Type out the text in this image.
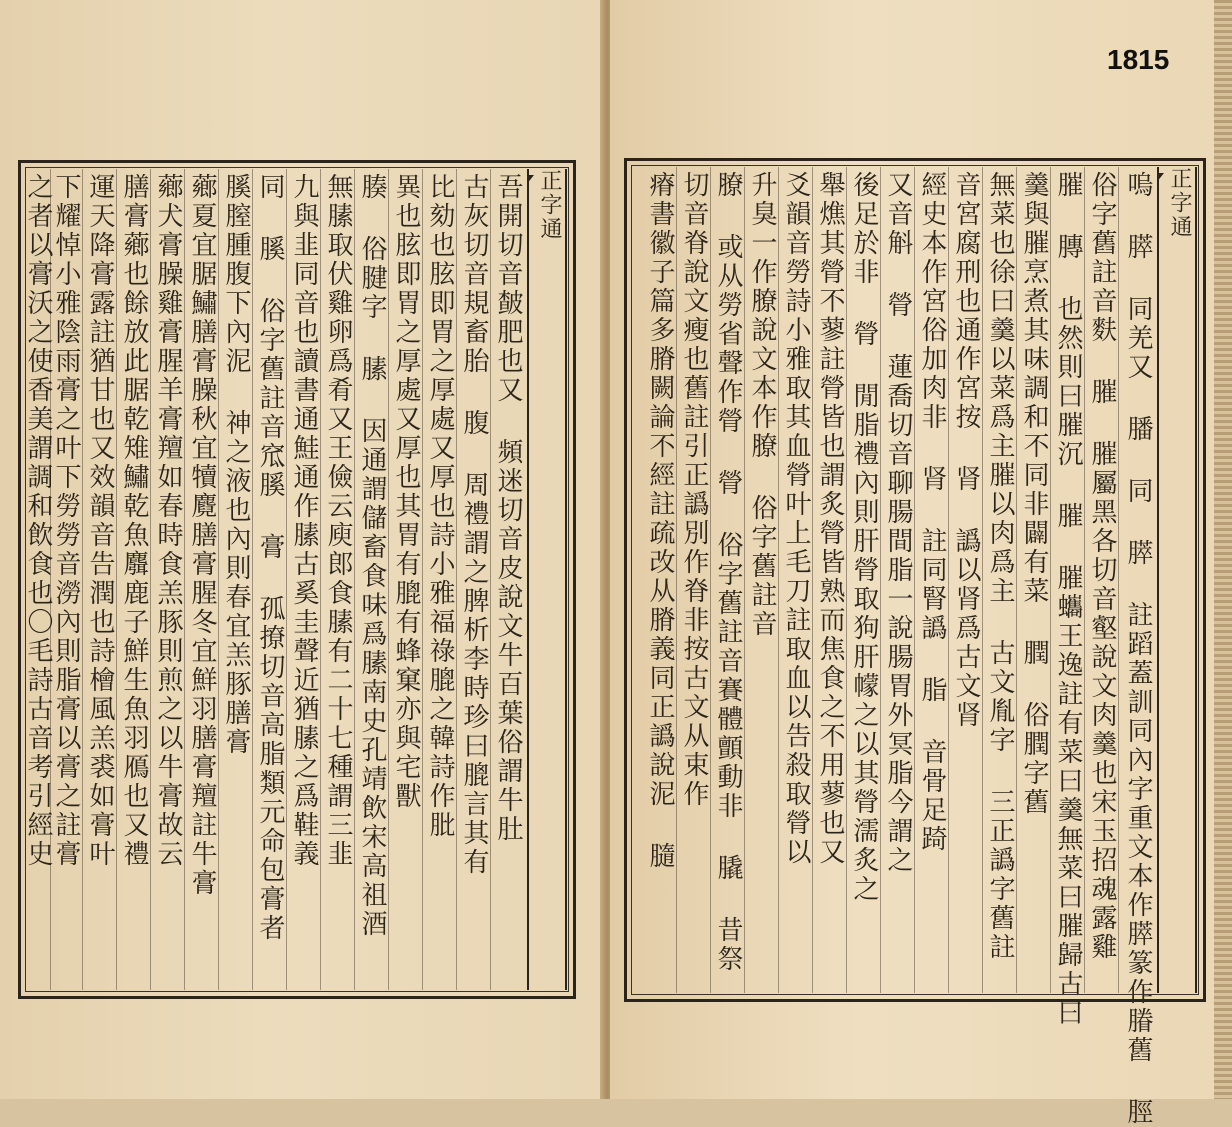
正字通
吾開切音皶肥也又 頻迷切音皮說文牛百葉俗謂牛肚
古灰切音規畜胎 腹 周禮謂之脾析李時珍曰膍言其有
比劾也胘即胃之厚處又厚也詩小雅福祿膍之韓詩作肶
異也胘即胃之厚處又厚也其胃有膍有蜂窠亦與宅獸
腠 俗腱字 膆 因通謂儲畜食味爲膆南史孔靖飲宋高祖酒
無膆取伏雞卵爲肴又王儉云庾郎食膆有二十七種謂三韭
九與韭同音也讀書通鮭通作膆古奚圭聲近猶膆之爲鞋義
同 膎 俗字舊註音窊膎 膏 孤撩切音高脂類元命包膏者
膎膣腫腹下內泥 神之液也內則春宜羔豚膳膏
薌夏宜腒鱐膳膏臊秋宜犢麑膳膏腥冬宜鮮羽膳膏羶註牛膏
薌犬膏臊雞膏腥羊膏羶如春時食羔豚則煎之以牛膏故云
膳膏薌也餘放此腒乾雉鱐乾魚麛鹿子鮮生魚羽鴈也又禮
運天降膏露註猶甘也又效韻音告潤也詩檜風羔裘如膏叶
下耀悼小雅陰雨膏之叶下勞勞音澇內則脂膏以膏之註膏
之者以膏沃之使香美謂調和飲食也〇毛詩古音考引經史	正字通
嗚 膵 同羌又 膰 同 膵 註蹈蓋訓同內字重文本作膵篆作膡舊 脛
俗字舊註音麩 膗 膗屬黑各切音壑說文肉羹也宋玉招魂露雞
膗 膞 也然則曰膗沉 膗 膗蠵王逸註有菜曰羹無菜曰膗歸古曰
羹與膗烹煮其味調和不同非闢有菜 膶 俗膶字舊
無菜也徐曰羹以菜爲主膗以肉爲主 古文胤字 三正譌字舊註
音宮腐刑也通作宮按 肾 譌以肾爲古文肾
經史本作宮俗加肉非 肾 註同腎譌 脂 音骨足踦
又音斛 膋 蓮喬切音聊腸間脂一說腸胃外冥脂今謂之
後足於非 膋 閒脂禮內則肝膋取狗肝幪之以其膋濡炙之
舉燋其膋不蓼註膋皆也謂炙膋皆熟而焦食之不用蓼也又
爻韻音勞詩小雅取其血膋叶上毛刀註取血以告殺取膋以
升臭一作膫說文本作膫 俗字舊註音
膫 或从勞省聲作膋 膋 俗字舊註音賽體顫動非 膬 昔祭
切音脊說文瘦也舊註引正譌別作脊非按古文从束作
瘠書徽子篇多膌闕論不經註疏改从膌義同正譌說泥 膸
1815
